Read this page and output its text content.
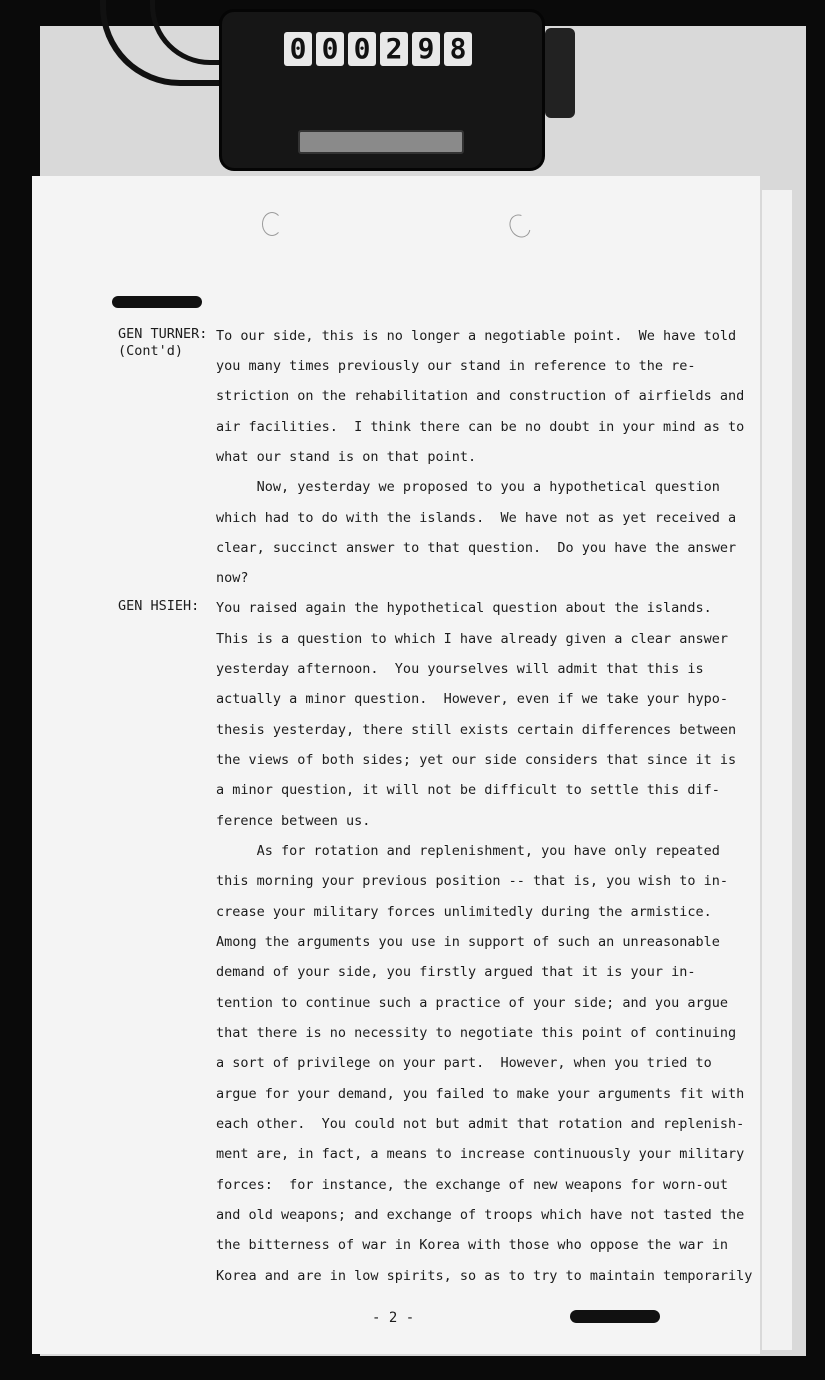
0 0 0 2 9 8
GEN TURNER:
(Cont'd)
GEN HSIEH:
To our side, this is no longer a negotiable point.  We have told
you many times previously our stand in reference to the re-
striction on the rehabilitation and construction of airfields and
air facilities.  I think there can be no doubt in your mind as to
what our stand is on that point.
Now, yesterday we proposed to you a hypothetical question
which had to do with the islands.  We have not as yet received a
clear, succinct answer to that question.  Do you have the answer
now?
You raised again the hypothetical question about the islands.
This is a question to which I have already given a clear answer
yesterday afternoon.  You yourselves will admit that this is
actually a minor question.  However, even if we take your hypo-
thesis yesterday, there still exists certain differences between
the views of both sides; yet our side considers that since it is
a minor question, it will not be difficult to settle this dif-
ference between us.
As for rotation and replenishment, you have only repeated
this morning your previous position -- that is, you wish to in-
crease your military forces unlimitedly during the armistice.
Among the arguments you use in support of such an unreasonable
demand of your side, you firstly argued that it is your in-
tention to continue such a practice of your side; and you argue
that there is no necessity to negotiate this point of continuing
a sort of privilege on your part.  However, when you tried to
argue for your demand, you failed to make your arguments fit with
each other.  You could not but admit that rotation and replenish-
ment are, in fact, a means to increase continuously your military
forces:  for instance, the exchange of new weapons for worn-out
and old weapons; and exchange of troops which have not tasted the
the bitterness of war in Korea with those who oppose the war in
Korea and are in low spirits, so as to try to maintain temporarily
- 2 -
